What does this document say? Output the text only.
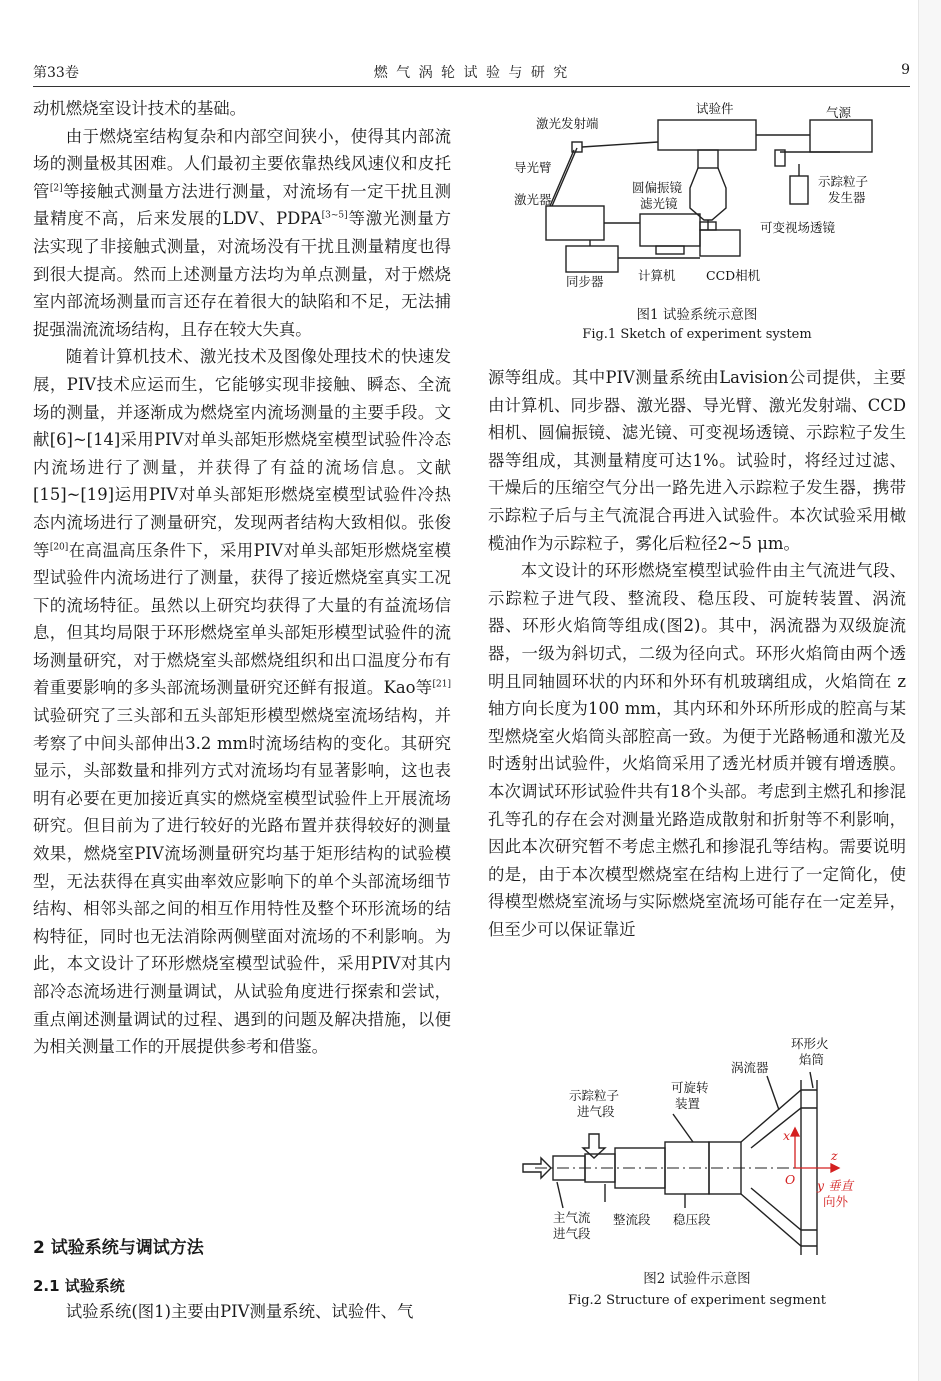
第33卷	燃 气 涡 轮 试 验 与 研 究	9

动机燃烧室设计技术的基础。

由于燃烧室结构复杂和内部空间狭小，使得其内部流场的测量极其困难。人们最初主要依靠热线风速仪和皮托管[2]等接触式测量方法进行测量，对流场有一定干扰且测量精度不高，后来发展的LDV、PDPA[3~5]等激光测量方法实现了非接触式测量，对流场没有干扰且测量精度也得到很大提高。然而上述测量方法均为单点测量，对于燃烧室内部流场测量而言还存在着很大的缺陷和不足，无法捕捉强湍流流场结构，且存在较大失真。

随着计算机技术、激光技术及图像处理技术的快速发展，PIV技术应运而生，它能够实现非接触、瞬态、全流场的测量，并逐渐成为燃烧室内流场测量的主要手段。文献[6]~[14]采用PIV对单头部矩形燃烧室模型试验件冷态内流场进行了测量，并获得了有益的流场信息。文献[15]~[19]运用PIV对单头部矩形燃烧室模型试验件冷热态内流场进行了测量研究，发现两者结构大致相似。张俊等[20]在高温高压条件下，采用PIV对单头部矩形燃烧室模型试验件内流场进行了测量，获得了接近燃烧室真实工况下的流场特征。虽然以上研究均获得了大量的有益流场信息，但其均局限于环形燃烧室单头部矩形模型试验件的流场测量研究，对于燃烧室头部燃烧组织和出口温度分布有着重要影响的多头部流场测量研究还鲜有报道。Kao等[21]试验研究了三头部和五头部矩形模型燃烧室流场结构，并考察了中间头部伸出3.2 mm时流场结构的变化。其研究显示，头部数量和排列方式对流场均有显著影响，这也表明有必要在更加接近真实的燃烧室模型试验件上开展流场研究。但目前为了进行较好的光路布置并获得较好的测量效果，燃烧室PIV流场测量研究均基于矩形结构的试验模型，无法获得在真实曲率效应影响下的单个头部流场细节结构、相邻头部之间的相互作用特性及整个环形流场的结构特征，同时也无法消除两侧壁面对流场的不利影响。为此，本文设计了环形燃烧室模型试验件，采用PIV对其内部冷态流场进行测量调试，从试验角度进行探索和尝试，重点阐述测量调试的过程、遇到的问题及解决措施，以便为相关测量工作的开展提供参考和借鉴。

2 试验系统与调试方法
2.1 试验系统
试验系统(图1)主要由PIV测量系统、试验件、气
试验件	气源
激光发射端
导光臂
激光器
圆偏振镜
滤光镜
示踪粒子
发生器
可变视场透镜
同步器	计算机 CCD相机
图1 试验系统示意图
Fig.1 Sketch of experiment system

源等组成。其中PIV测量系统由Lavision公司提供，主要由计算机、同步器、激光器、导光臂、激光发射端、CCD相机、圆偏振镜、滤光镜、可变视场透镜、示踪粒子发生器等组成，其测量精度可达1%。试验时，将经过过滤、干燥后的压缩空气分出一路先进入示踪粒子发生器，携带示踪粒子后与主气流混合再进入试验件。本次试验采用橄榄油作为示踪粒子，雾化后粒径2~5 μm。

本文设计的环形燃烧室模型试验件由主气流进气段、示踪粒子进气段、整流段、稳压段、可旋转装置、涡流器、环形火焰筒等组成(图2)。其中，涡流器为双级旋流器，一级为斜切式，二级为径向式。环形火焰筒由两个透明且同轴圆环状的内环和外环有机玻璃组成，火焰筒在 z 轴方向长度为100 mm，其内环和外环所形成的腔高与某型燃烧室火焰筒头部腔高一致。为便于光路畅通和激光及时透射出试验件，火焰筒采用了透光材质并镀有增透膜。本次调试环形试验件共有18个头部。考虑到主燃孔和掺混孔等孔的存在会对测量光路造成散射和折射等不利影响，因此本次研究暂不考虑主燃孔和掺混孔等结构。需要说明的是，由于本次模型燃烧室在结构上进行了一定简化，使得模型燃烧室流场与实际燃烧室流场可能存在一定差异，但至少可以保证靠近

环形火
焰筒
涡流器
示踪粒子
进气段
可旋转
装置
主气流
进气段
整流段 稳压段
x
z
O y 垂直
向外
图2 试验件示意图
Fig.2 Structure of experiment segment
